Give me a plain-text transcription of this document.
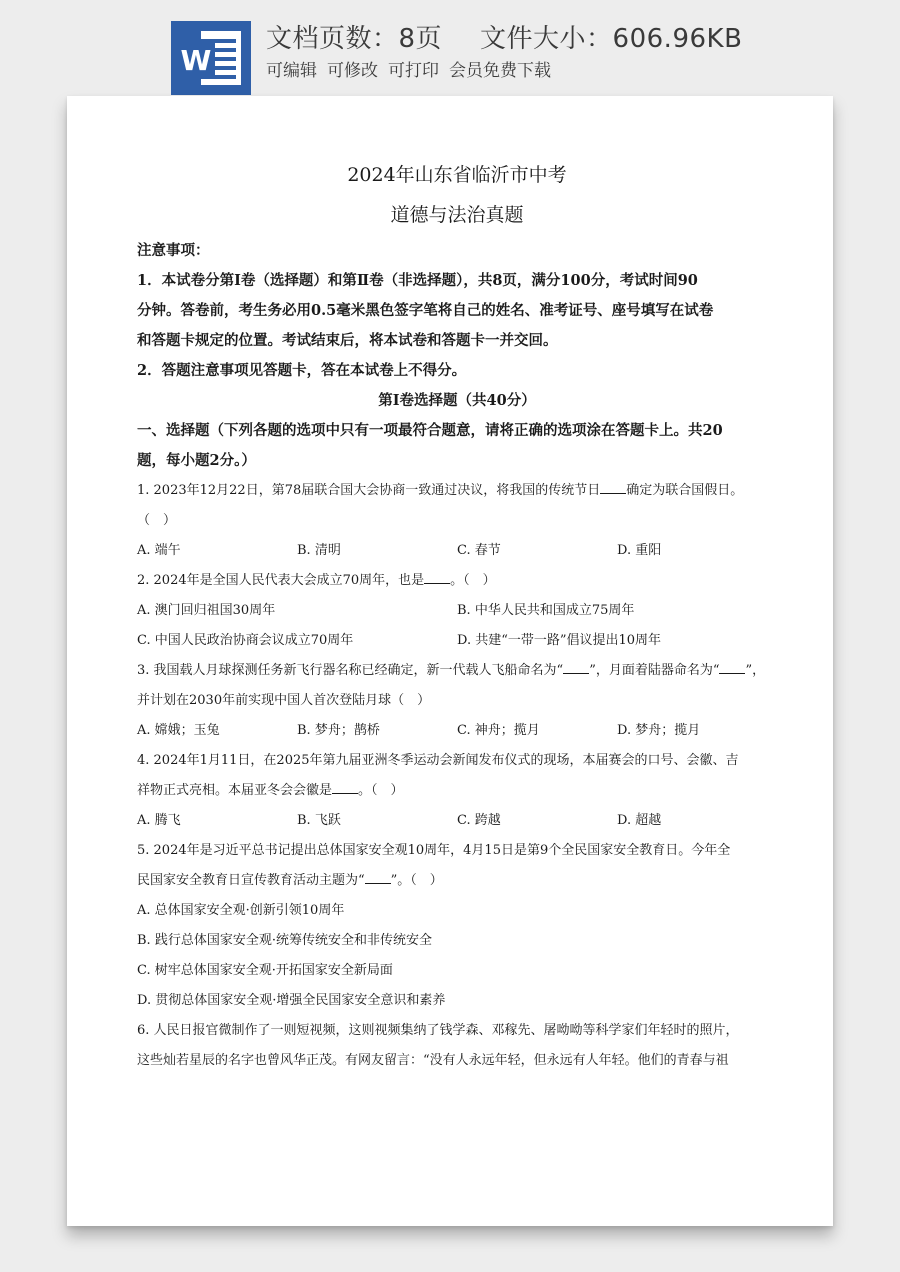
W
文档页数：8页 文件大小：606.96KB
可编辑 可修改 可打印 会员免费下载

2024年山东省临沂市中考

道德与法治真题

注意事项：

1．本试卷分第Ⅰ卷（选择题）和第Ⅱ卷（非选择题），共8页，满分100分，考试时间90

分钟。答卷前，考生务必用0.5毫米黑色签字笔将自己的姓名、准考证号、座号填写在试卷

和答题卡规定的位置。考试结束后，将本试卷和答题卡一并交回。

2．答题注意事项见答题卡，答在本试卷上不得分。

第Ⅰ卷选择题（共40分）

一、选择题（下列各题的选项中只有一项最符合题意，请将正确的选项涂在答题卡上。共20

题，每小题2分。）

1. 2023年12月22日，第78届联合国大会协商一致通过决议，将我国的传统节日 确定为联合国假日。

（　）

A. 端午	B. 清明	C. 春节	D. 重阳

2. 2024年是全国人民代表大会成立70周年，也是 。（　）

A. 澳门回归祖国30周年	B. 中华人民共和国成立75周年
C. 中国人民政治协商会议成立70周年	D. 共建“一带一路”倡议提出10周年

3. 我国载人月球探测任务新飞行器名称已经确定，新一代载人飞船命名为“ ”，月面着陆器命名为“ ”，

并计划在2030年前实现中国人首次登陆月球（　）

A. 嫦娥；玉兔	B. 梦舟；鹊桥	C. 神舟；揽月	D. 梦舟；揽月

4. 2024年1月11日，在2025年第九届亚洲冬季运动会新闻发布仪式的现场，本届赛会的口号、会徽、吉

祥物正式亮相。本届亚冬会会徽是 。（　）

A. 腾飞	B. 飞跃	C. 跨越	D. 超越

5. 2024年是习近平总书记提出总体国家安全观10周年，4月15日是第9个全民国家安全教育日。今年全

民国家安全教育日宣传教育活动主题为“ ”。（　）

A. 总体国家安全观·创新引领10周年

B. 践行总体国家安全观·统筹传统安全和非传统安全

C. 树牢总体国家安全观·开拓国家安全新局面

D. 贯彻总体国家安全观·增强全民国家安全意识和素养

6. 人民日报官微制作了一则短视频，这则视频集纳了钱学森、邓稼先、屠呦呦等科学家们年轻时的照片，

这些灿若星辰的名字也曾风华正茂。有网友留言：“没有人永远年轻，但永远有人年轻。他们的青春与祖
